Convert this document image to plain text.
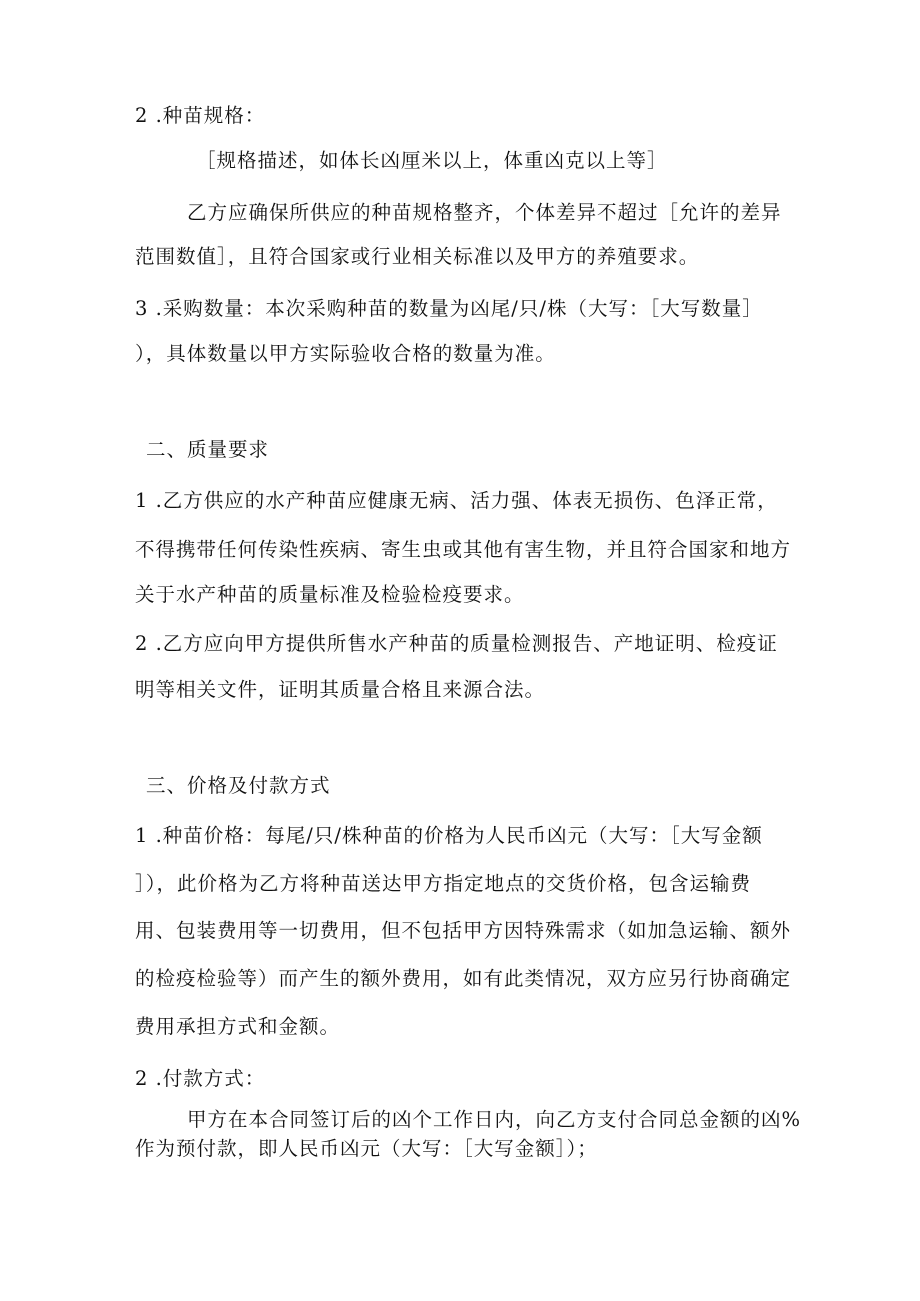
2 .种苗规格：
［规格描述，如体长凶厘米以上，体重凶克以上等］
乙方应确保所供应的种苗规格整齐，个体差异不超过［允许的差异
范围数值］，且符合国家或行业相关标准以及甲方的养殖要求。
3 .采购数量：本次采购种苗的数量为凶尾/只/株（大写：［大写数量］
），具体数量以甲方实际验收合格的数量为准。
二、质量要求
1 .乙方供应的水产种苗应健康无病、活力强、体表无损伤、色泽正常，
不得携带任何传染性疾病、寄生虫或其他有害生物，并且符合国家和地方
关于水产种苗的质量标准及检验检疫要求。
2 .乙方应向甲方提供所售水产种苗的质量检测报告、产地证明、检疫证
明等相关文件，证明其质量合格且来源合法。
三、价格及付款方式
1 .种苗价格：每尾/只/株种苗的价格为人民币凶元（大写：［大写金额
］），此价格为乙方将种苗送达甲方指定地点的交货价格，包含运输费
用、包装费用等一切费用，但不包括甲方因特殊需求（如加急运输、额外
的检疫检验等）而产生的额外费用，如有此类情况，双方应另行协商确定
费用承担方式和金额。
2 .付款方式：
甲方在本合同签订后的凶个工作日内，向乙方支付合同总金额的凶%
作为预付款，即人民币凶元（大写：［大写金额］）；
